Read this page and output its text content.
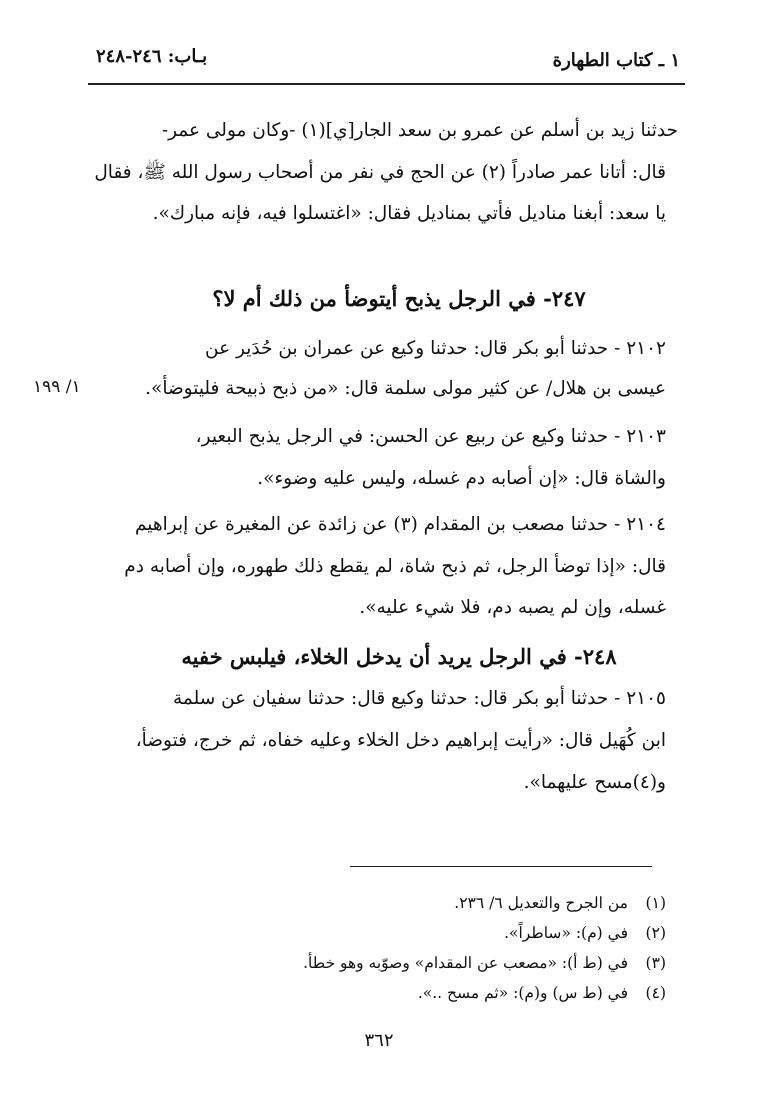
١ ـ كتاب الطهارة
بـاب: ٢٤٦-٢٤٨
حدثنا زيد بن أسلم عن عمرو بن سعد الجار[ي](١) -وكان مولى عمر-
قال: أتانا عمر صادراً (٢) عن الحج في نفر من أصحاب رسول الله ﷺ، فقال
يا سعد: أبغنا مناديل فأتي بمناديل فقال: «اغتسلوا فيه، فإنه مبارك».
٢٤٧- في الرجل يذبح أيتوضأ من ذلك أم لا؟
٢١٠٢ - حدثنا أبو بكر قال: حدثنا وكيع عن عمران بن حُدَير عن
عيسى بن هلال/ عن كثير مولى سلمة قال: «من ذبح ذبيحة فليتوضأ».
١/ ١٩٩
٢١٠٣ - حدثنا وكيع عن ربيع عن الحسن: في الرجل يذبح البعير،
والشاة قال: «إن أصابه دم غسله، وليس عليه وضوء».
٢١٠٤ - حدثنا مصعب بن المقدام (٣) عن زائدة عن المغيرة عن إبراهيم
قال: «إذا توضأ الرجل، ثم ذبح شاة، لم يقطع ذلك طهوره، وإن أصابه دم
غسله، وإن لم يصبه دم، فلا شيء عليه».
٢٤٨- في الرجل يريد أن يدخل الخلاء، فيلبس خفيه
٢١٠٥ - حدثنا أبو بكر قال: حدثنا وكيع قال: حدثنا سفيان عن سلمة
ابن كُهَيل قال: «رأيت إبراهيم دخل الخلاء وعليه خفاه، ثم خرج، فتوضأ،
و(٤)مسح عليهما».
(١)من الجرح والتعديل ٦/ ٢٣٦.
(٢)في (م): «ساطراً».
(٣)في (ط أ): «مصعب عن المقدام» وصوّبه وهو خطأ.
(٤)في (ط س) و(م): «ثم مسح ..».
٣٦٢
